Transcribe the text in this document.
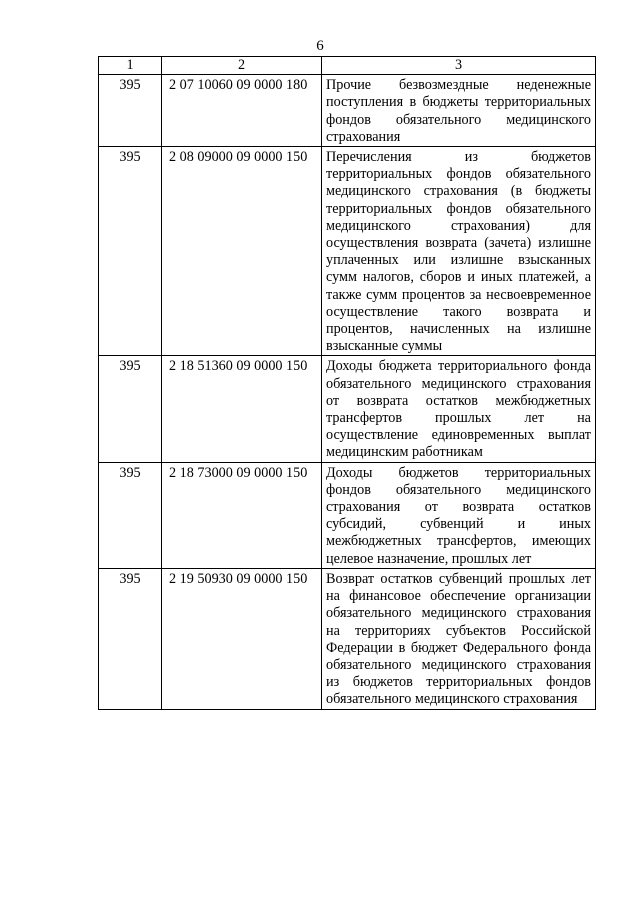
6
1	2	3
395	2 07 10060 09 0000 180	Прочие безвозмездные неденежные поступления в бюджеты территориальных фондов обязательного медицинского страхования
395	2 08 09000 09 0000 150	Перечисления из бюджетов территориальных фондов обязательного медицинского страхования (в бюджеты территориальных фондов обязательного медицинского страхования) для осуществления возврата (зачета) излишне уплаченных или излишне взысканных сумм налогов, сборов и иных платежей, а также сумм процентов за несвоевременное осуществление такого возврата и процентов, начисленных на излишне взысканные суммы
395	2 18 51360 09 0000 150	Доходы бюджета территориального фонда обязательного медицинского страхования от возврата остатков межбюджетных трансфертов прошлых лет на осуществление единовременных выплат медицинским работникам
395	2 18 73000 09 0000 150	Доходы бюджетов территориальных фондов обязательного медицинского страхования от возврата остатков субсидий, субвенций и иных межбюджетных трансфертов, имеющих целевое назначение, прошлых лет
395	2 19 50930 09 0000 150	Возврат остатков субвенций прошлых лет на финансовое обеспечение организации обязательного медицинского страхования на территориях субъектов Российской Федерации в бюджет Федерального фонда обязательного медицинского страхования из бюджетов территориальных фондов обязательного медицинского страхования
